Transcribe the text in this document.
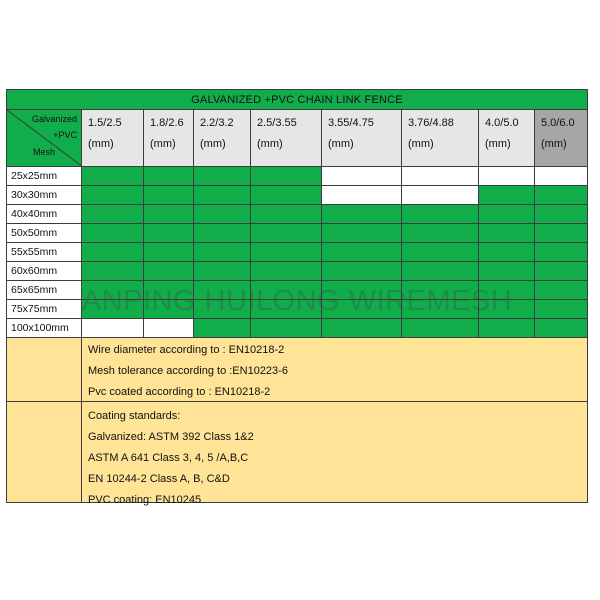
GALVANIZED +PVC CHAIN LINK FENCE
Galvanized
+PVC
Mesh
1.5/2.5
(mm)
1.8/2.6
(mm)
2.2/3.2
(mm)
2.5/3.55
(mm)
3.55/4.75
(mm)
3.76/4.88
(mm)
4.0/5.0
(mm)
5.0/6.0
(mm)
25x25mm
30x30mm
40x40mm
50x50mm
55x55mm
60x60mm
65x65mm
75x75mm
100x100mm
Wire diameter according to : EN10218-2
Mesh tolerance according to :EN10223-6
Pvc coated according to : EN10218-2
Coating standards:
Galvanized: ASTM 392 Class 1&2
ASTM A 641 Class 3, 4, 5 /A,B,C
EN 10244-2 Class A, B, C&D
PVC coating: EN10245
ANPING HUILONG WIREMESH
